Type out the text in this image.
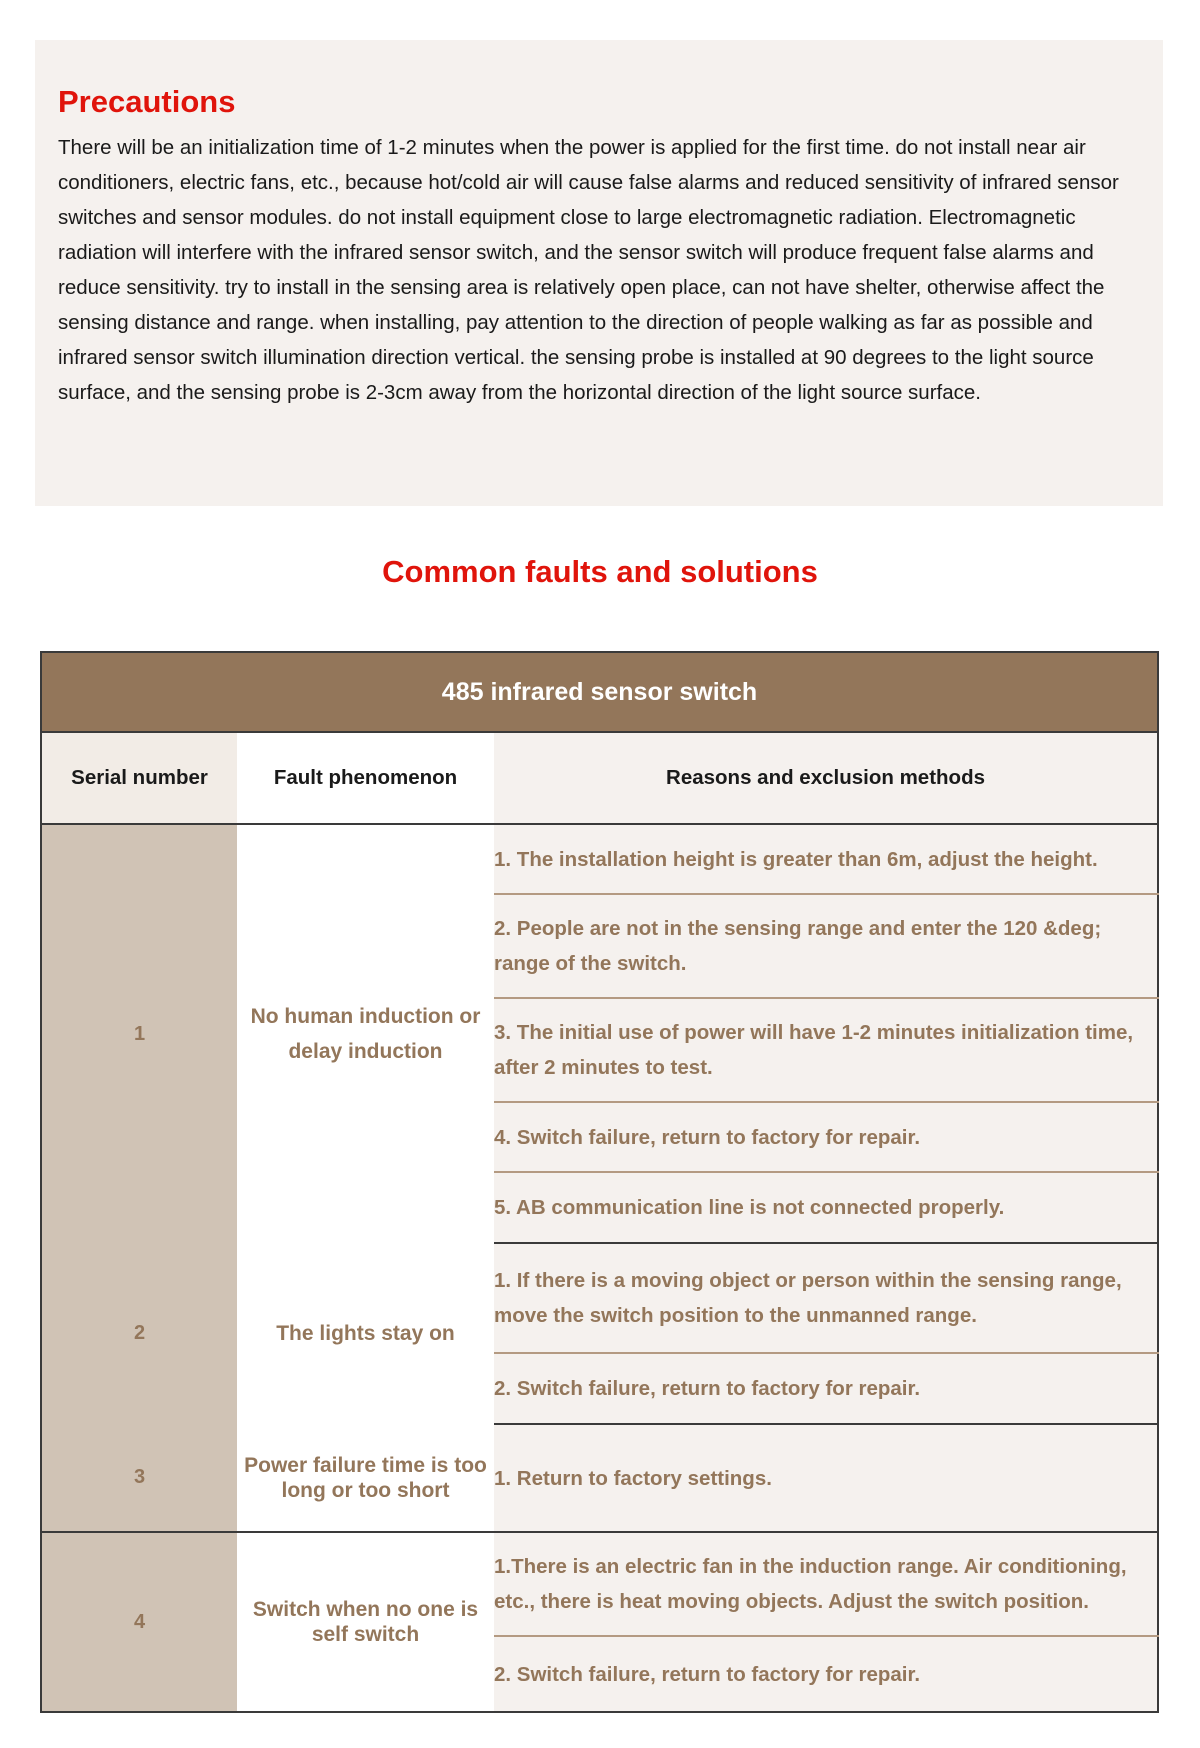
Precautions

There will be an initialization time of 1-2 minutes when the power is applied for the first time. do not install near air conditioners, electric fans, etc., because hot/cold air will cause false alarms and reduced sensitivity of infrared sensor switches and sensor modules. do not install equipment close to large electromagnetic radiation. Electromagnetic radiation will interfere with the infrared sensor switch, and the sensor switch will produce frequent false alarms and reduce sensitivity. try to install in the sensing area is relatively open place, can not have shelter, otherwise affect the sensing distance and range. when installing, pay attention to the direction of people walking as far as possible and infrared sensor switch illumination direction vertical. the sensing probe is installed at 90 degrees to the light source surface, and the sensing probe is 2-3cm away from the horizontal direction of the light source surface.

Common faults and solutions
485 infrared sensor switch		
Serial number	Fault phenomenon	Reasons and exclusion methods
1	No human induction or delay induction	1. The installation height is greater than 6m, adjust the height.
		2. People are not in the sensing range and enter the 120 &deg; range of the switch.
		3. The initial use of power will have 1-2 minutes initialization time, after 2 minutes to test.
		4. Switch failure, return to factory for repair.
		5. AB communication line is not connected properly.
2	The lights stay on	1. If there is a moving object or person within the sensing range, move the switch position to the unmanned range.
		2. Switch failure, return to factory for repair.
3	Power failure time is too long or too short	1. Return to factory settings.
4	Switch when no one is self switch	1.There is an electric fan in the induction range. Air conditioning, etc., there is heat moving objects. Adjust the switch position.
		2. Switch failure, return to factory for repair.
